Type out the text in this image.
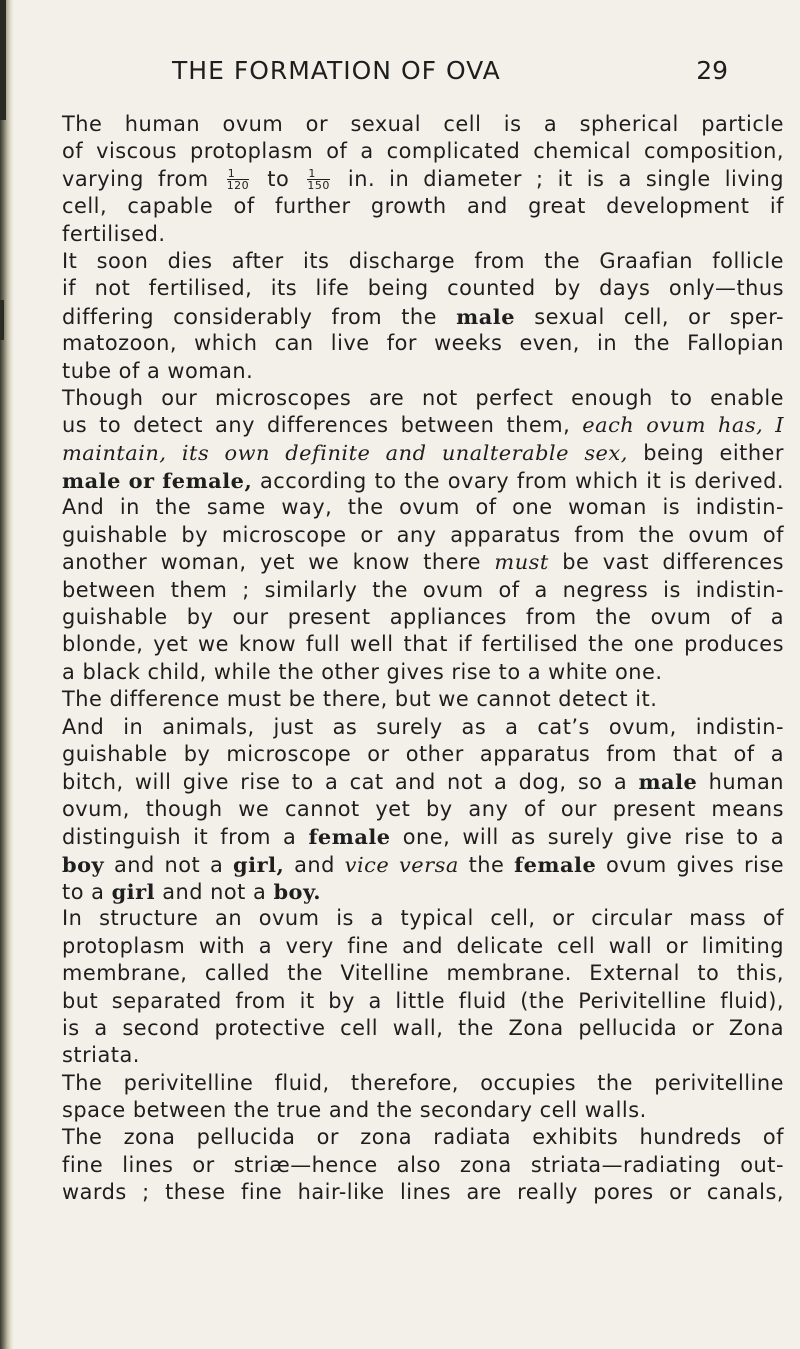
THE FORMATION OF OVA	29
The human ovum or sexual cell is a spherical particle
of viscous protoplasm of a complicated chemical composition,
varying from $\frac{1}{120}$ to $\frac{1}{150}$ in. in diameter ; it is a single living
cell, capable of further growth and great development if
fertilised.
It soon dies after its discharge from the Graafian follicle
if not fertilised, its life being counted by days only—thus
differing considerably from the male sexual cell, or sper-
matozoon, which can live for weeks even, in the Fallopian
tube of a woman.
Though our microscopes are not perfect enough to enable
us to detect any differences between them, each ovum has, I
maintain, its own definite and unalterable sex, being either
male or female, according to the ovary from which it is derived.
And in the same way, the ovum of one woman is indistin-
guishable by microscope or any apparatus from the ovum of
another woman, yet we know there must be vast differences
between them ; similarly the ovum of a negress is indistin-
guishable by our present appliances from the ovum of a
blonde, yet we know full well that if fertilised the one produces
a black child, while the other gives rise to a white one.
The difference must be there, but we cannot detect it.
And in animals, just as surely as a cat’s ovum, indistin-
guishable by microscope or other apparatus from that of a
bitch, will give rise to a cat and not a dog, so a male human
ovum, though we cannot yet by any of our present means
distinguish it from a female one, will as surely give rise to a
boy and not a girl, and vice versa the female ovum gives rise
to a girl and not a boy.
In structure an ovum is a typical cell, or circular mass of
protoplasm with a very fine and delicate cell wall or limiting
membrane, called the Vitelline membrane. External to this,
but separated from it by a little fluid (the Perivitelline fluid),
is a second protective cell wall, the Zona pellucida or Zona
striata.
The perivitelline fluid, therefore, occupies the perivitelline
space between the true and the secondary cell walls.
The zona pellucida or zona radiata exhibits hundreds of
fine lines or striæ—hence also zona striata—radiating out-
wards ; these fine hair-like lines are really pores or canals,
